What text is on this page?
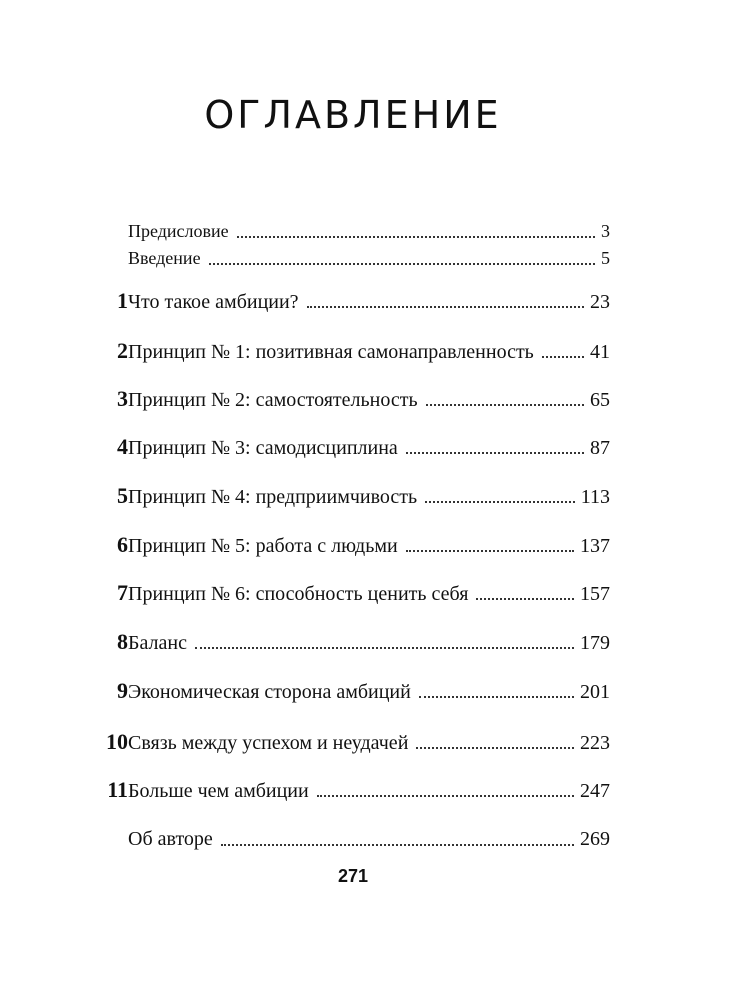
ОГЛАВЛЕНИЕ
Предисловие	3
Введение	5
1 Что такое амбиции?	23
2 Принцип № 1: позитивная самонаправленность	41
3 Принцип № 2: самостоятельность	65
4 Принцип № 3: самодисциплина	87
5 Принцип № 4: предприимчивость	113
6 Принцип № 5: работа с людьми	137
7 Принцип № 6: способность ценить себя	157
8 Баланс	179
9 Экономическая сторона амбиций	201
10 Связь между успехом и неудачей	223
11 Больше чем амбиции	247
Об авторе	269
271
